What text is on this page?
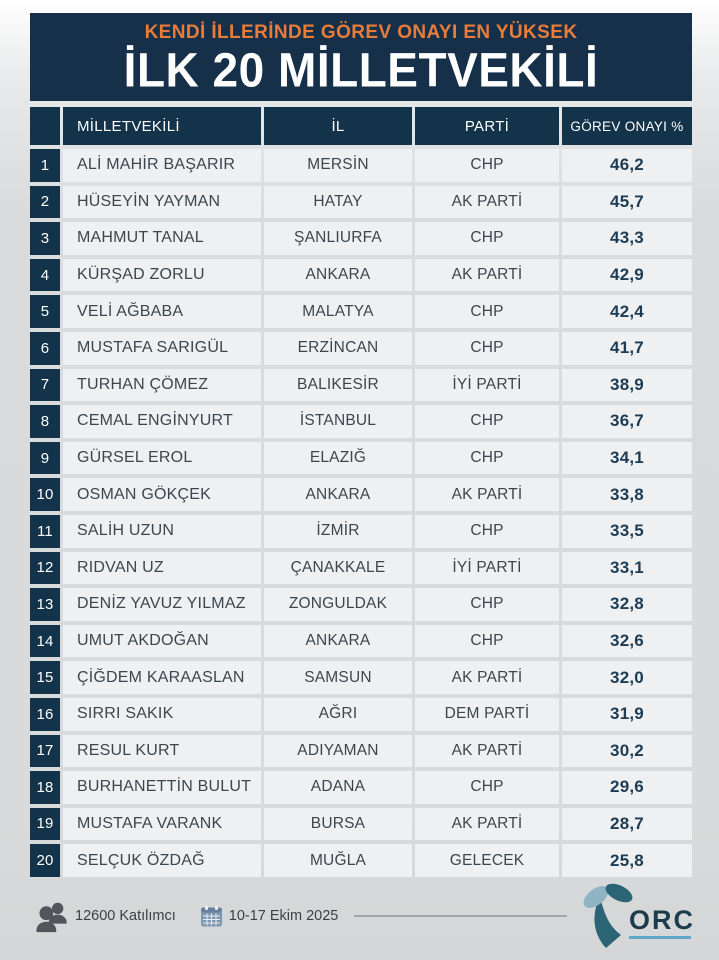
KENDİ İLLERİNDE GÖREV ONAYI EN YÜKSEK
İLK 20 MİLLETVEKİLİ
MİLLETVEKİLİ	İL	PARTİ	GÖREV ONAYI %
1	ALİ MAHİR BAŞARIR	MERSİN	CHP	46,2
2	HÜSEYİN YAYMAN	HATAY	AK PARTİ	45,7
3	MAHMUT TANAL	ŞANLIURFA	CHP	43,3
4	KÜRŞAD ZORLU	ANKARA	AK PARTİ	42,9
5	VELİ AĞBABA	MALATYA	CHP	42,4
6	MUSTAFA SARIGÜL	ERZİNCAN	CHP	41,7
7	TURHAN ÇÖMEZ	BALIKESİR	İYİ PARTİ	38,9
8	CEMAL ENGİNYURT	İSTANBUL	CHP	36,7
9	GÜRSEL EROL	ELAZIĞ	CHP	34,1
10	OSMAN GÖKÇEK	ANKARA	AK PARTİ	33,8
11	SALİH UZUN	İZMİR	CHP	33,5
12	RIDVAN UZ	ÇANAKKALE	İYİ PARTİ	33,1
13	DENİZ YAVUZ YILMAZ	ZONGULDAK	CHP	32,8
14	UMUT AKDOĞAN	ANKARA	CHP	32,6
15	ÇİĞDEM KARAASLAN	SAMSUN	AK PARTİ	32,0
16	SIRRI SAKIK	AĞRI	DEM PARTİ	31,9
17	RESUL KURT	ADIYAMAN	AK PARTİ	30,2
18	BURHANETTİN BULUT	ADANA	CHP	29,6
19	MUSTAFA VARANK	BURSA	AK PARTİ	28,7
20	SELÇUK ÖZDAĞ	MUĞLA	GELECEK	25,8
12600 Katılımcı	10-17 Ekim 2025	ORC
